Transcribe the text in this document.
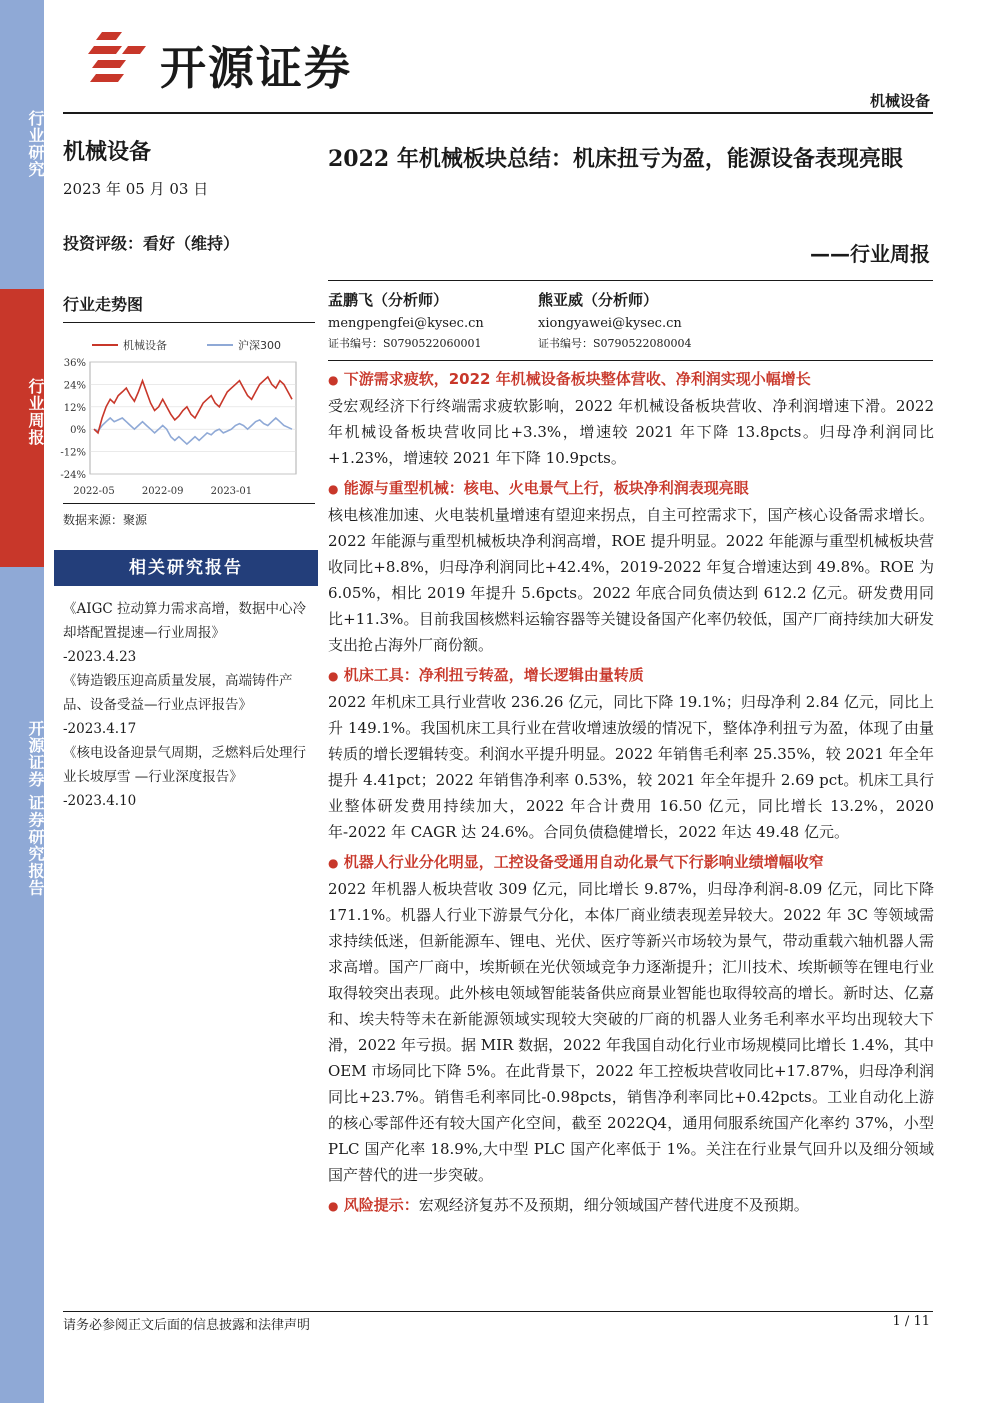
行业研究
行业周报
开源证券 证券研究报告
开源证券
机械设备
机械设备
2023 年 05 月 03 日
投资评级：看好（维持）
行业走势图
机械设备	沪深300
36%
24%
12%
0%
-12%
-24%
2022-05	2022-09	2023-01
数据来源：聚源
相关研究报告
《AIGC 拉动算力需求高增，数据中心冷却塔配置提速—行业周报》
-2023.4.23
《铸造锻压迎高质量发展，高端铸件产品、设备受益—行业点评报告》
-2023.4.17
《核电设备迎景气周期，乏燃料后处理行业长坡厚雪 —行业深度报告》
-2023.4.10
2022 年机械板块总结：机床扭亏为盈，能源设备表现亮眼
——行业周报
孟鹏飞（分析师）
mengpengfei@kysec.cn
证书编号：S0790522060001
熊亚威（分析师）
xiongyawei@kysec.cn
证书编号：S0790522080004
● 下游需求疲软，2022 年机械设备板块整体营收、净利润实现小幅增长
受宏观经济下行终端需求疲软影响，2022 年机械设备板块营收、净利润增速下滑。2022 年机械设备板块营收同比+3.3%，增速较 2021 年下降 13.8pcts。归母净利润同比+1.23%，增速较 2021 年下降 10.9pcts。
● 能源与重型机械：核电、火电景气上行，板块净利润表现亮眼
核电核准加速、火电装机量增速有望迎来拐点，自主可控需求下，国产核心设备需求增长。2022 年能源与重型机械板块净利润高增，ROE 提升明显。2022 年能源与重型机械板块营收同比+8.8%，归母净利润同比+42.4%，2019-2022 年复合增速达到 49.8%。ROE 为 6.05%，相比 2019 年提升 5.6pcts。2022 年底合同负债达到 612.2 亿元。研发费用同比+11.3%。目前我国核燃料运输容器等关键设备国产化率仍较低，国产厂商持续加大研发支出抢占海外厂商份额。
● 机床工具：净利扭亏转盈，增长逻辑由量转质
2022 年机床工具行业营收 236.26 亿元，同比下降 19.1%；归母净利 2.84 亿元，同比上升 149.1%。我国机床工具行业在营收增速放缓的情况下，整体净利扭亏为盈，体现了由量转质的增长逻辑转变。利润水平提升明显。2022 年销售毛利率 25.35%，较 2021 年全年提升 4.41pct；2022 年销售净利率 0.53%，较 2021 年全年提升 2.69 pct。机床工具行业整体研发费用持续加大，2022 年合计费用 16.50 亿元，同比增长 13.2%，2020 年-2022 年 CAGR 达 24.6%。合同负债稳健增长，2022 年达 49.48 亿元。
● 机器人行业分化明显，工控设备受通用自动化景气下行影响业绩增幅收窄
2022 年机器人板块营收 309 亿元，同比增长 9.87%，归母净利润-8.09 亿元，同比下降 171.1%。机器人行业下游景气分化，本体厂商业绩表现差异较大。2022 年 3C 等领域需求持续低迷，但新能源车、锂电、光伏、医疗等新兴市场较为景气，带动重载六轴机器人需求高增。国产厂商中，埃斯顿在光伏领域竞争力逐渐提升；汇川技术、埃斯顿等在锂电行业取得较突出表现。此外核电领域智能装备供应商景业智能也取得较高的增长。新时达、亿嘉和、埃夫特等未在新能源领域实现较大突破的厂商的机器人业务毛利率水平均出现较大下滑，2022 年亏损。据 MIR 数据，2022 年我国自动化行业市场规模同比增长 1.4%，其中 OEM 市场同比下降 5%。在此背景下，2022 年工控板块营收同比+17.87%，归母净利润同比+23.7%。销售毛利率同比-0.98pcts，销售净利率同比+0.42pcts。工业自动化上游的核心零部件还有较大国产化空间，截至 2022Q4，通用伺服系统国产化率约 37%，小型 PLC 国产化率 18.9%,大中型 PLC 国产化率低于 1%。关注在行业景气回升以及细分领域国产替代的进一步突破。
● 风险提示：宏观经济复苏不及预期，细分领域国产替代进度不及预期。
请务必参阅正文后面的信息披露和法律声明	1 / 11
